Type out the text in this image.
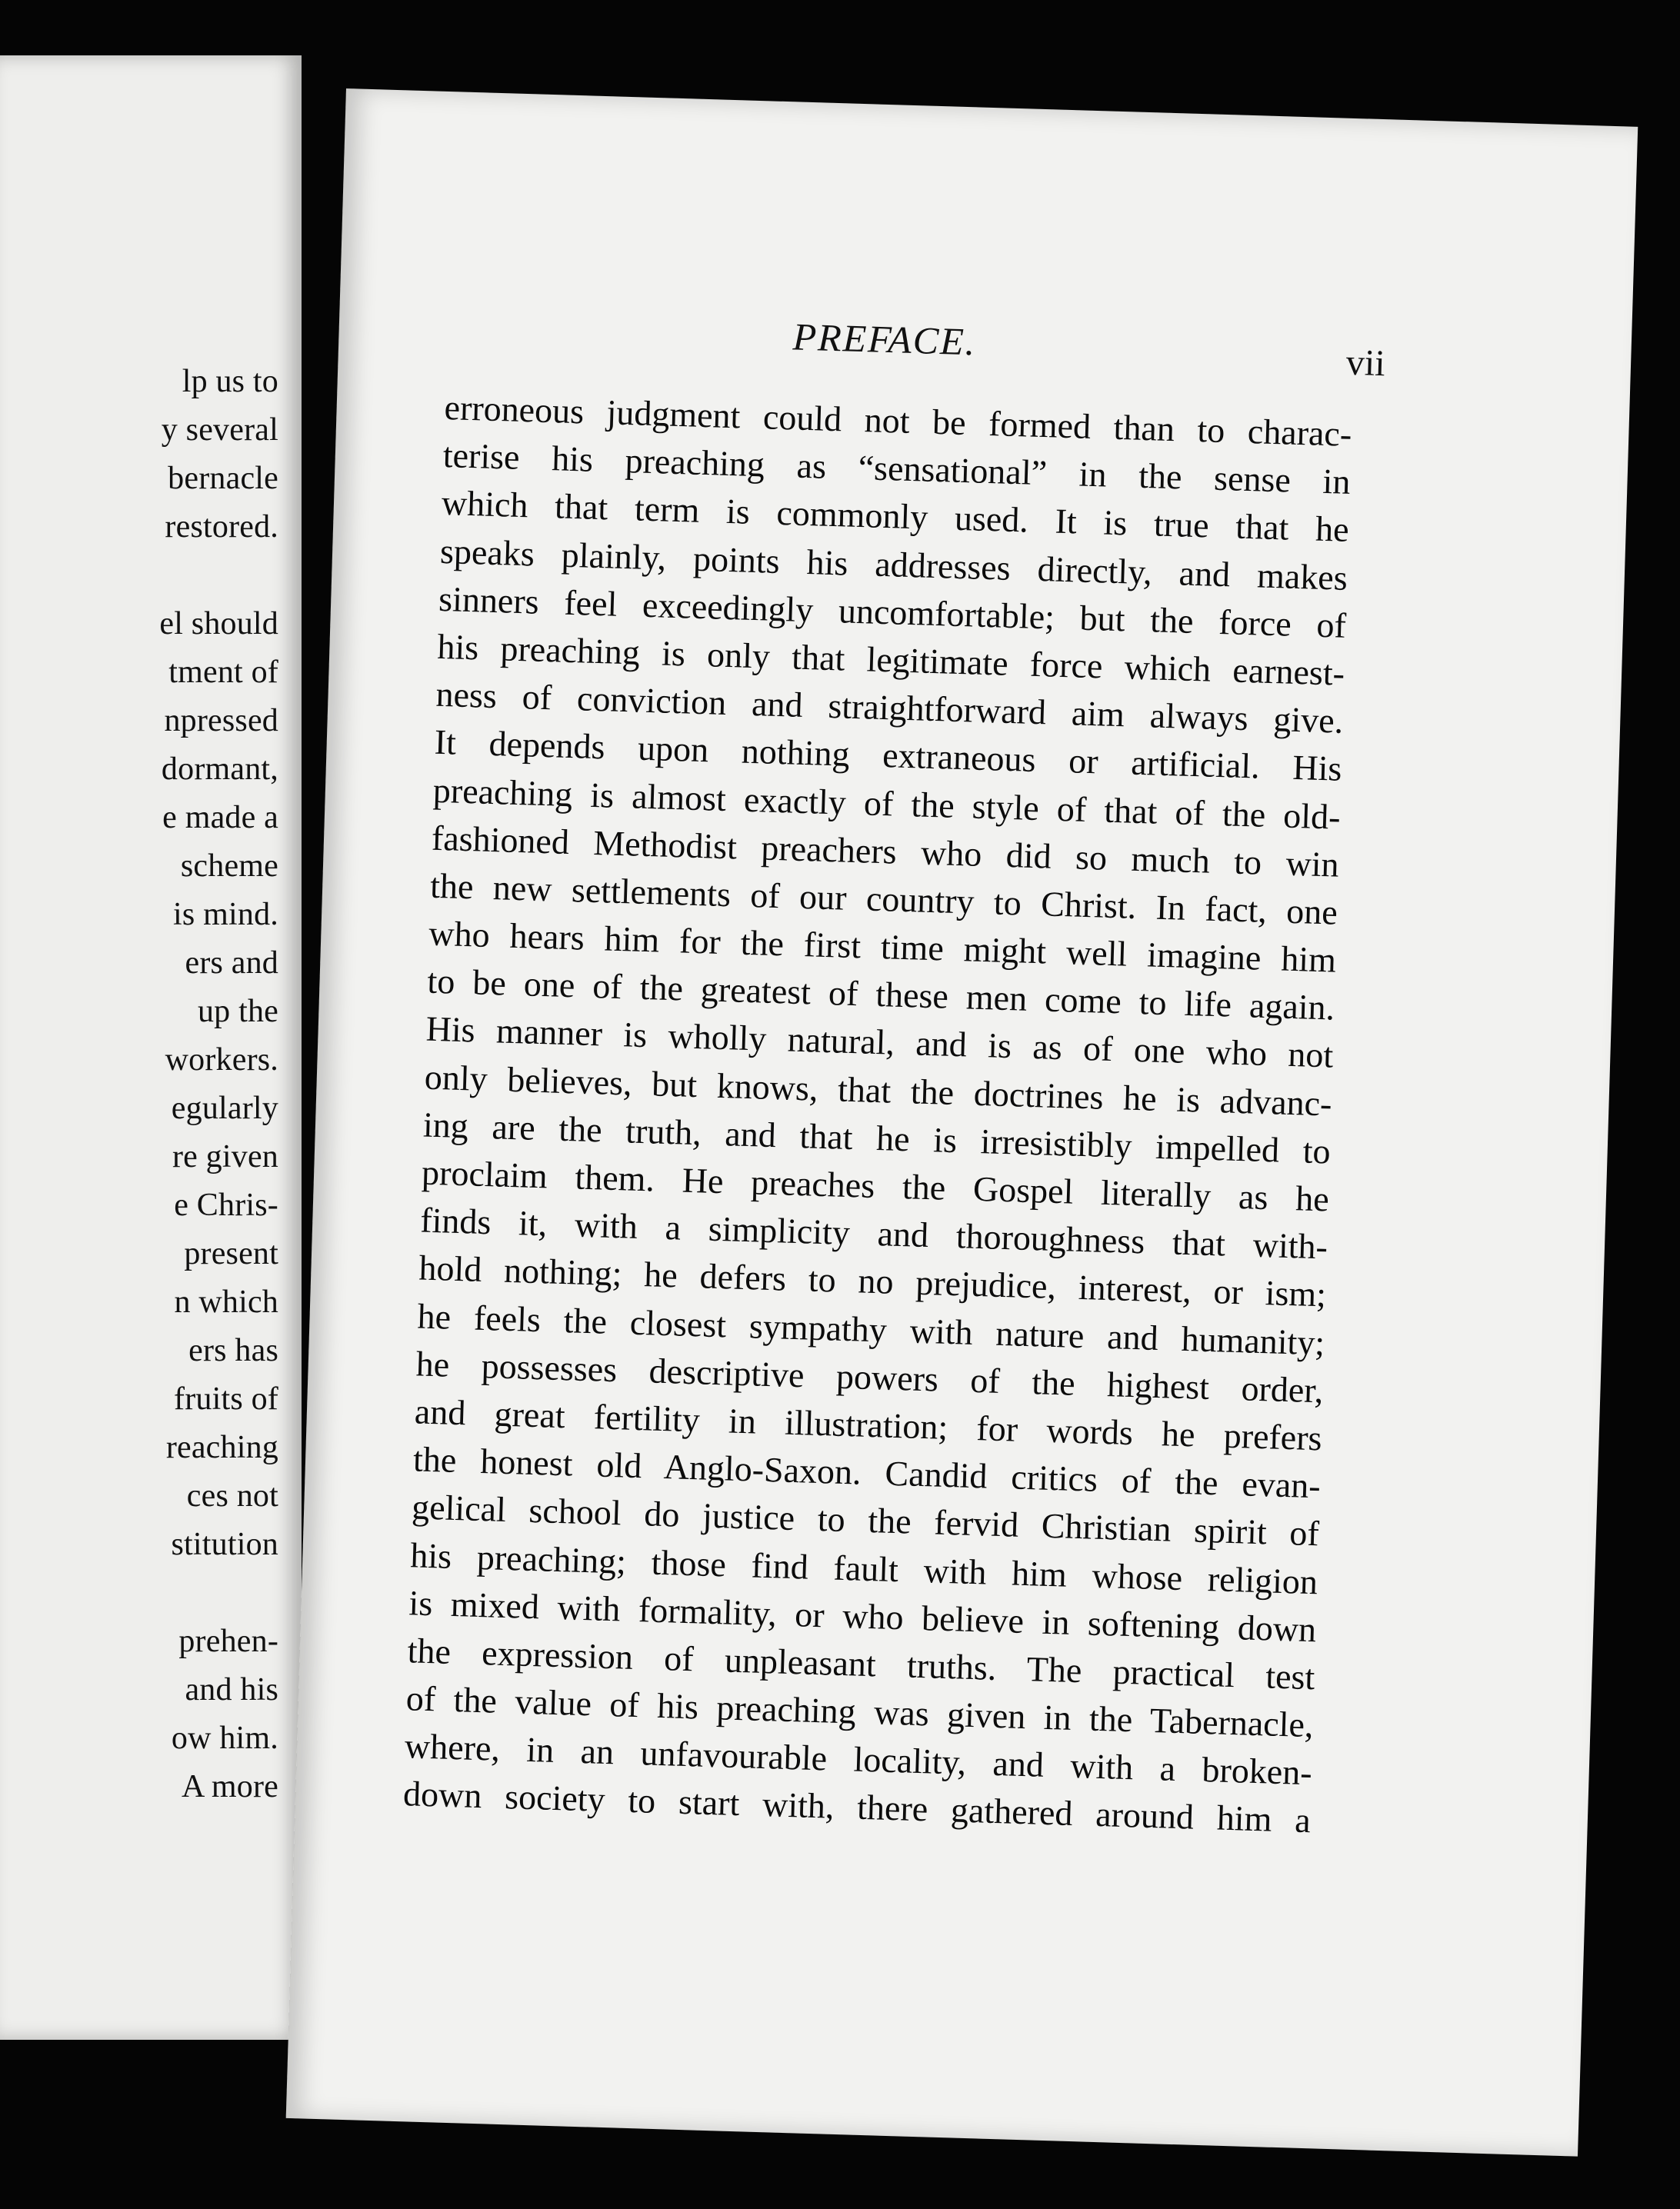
lp us to
y several
bernacle
restored.
el should
tment of
npressed
dormant,
e made a
scheme
is mind.
ers and
up the
workers.
egularly
re given
e Chris-
present
n which
ers has
fruits of
reaching
ces not
stitution
prehen-
and his
ow him.
A more
PREFACE.	vii
erroneous judgment could not be formed than to charac-
terise his preaching as “sensational” in the sense in
which that term is commonly used. It is true that he
speaks plainly, points his addresses directly, and makes
sinners feel exceedingly uncomfortable; but the force of
his preaching is only that legitimate force which earnest-
ness of conviction and straightforward aim always give.
It depends upon nothing extraneous or artificial. His
preaching is almost exactly of the style of that of the old-
fashioned Methodist preachers who did so much to win
the new settlements of our country to Christ. In fact, one
who hears him for the first time might well imagine him
to be one of the greatest of these men come to life again.
His manner is wholly natural, and is as of one who not
only believes, but knows, that the doctrines he is advanc-
ing are the truth, and that he is irresistibly impelled to
proclaim them. He preaches the Gospel literally as he
finds it, with a simplicity and thoroughness that with-
hold nothing; he defers to no prejudice, interest, or ism;
he feels the closest sympathy with nature and humanity;
he possesses descriptive powers of the highest order,
and great fertility in illustration; for words he prefers
the honest old Anglo-Saxon. Candid critics of the evan-
gelical school do justice to the fervid Christian spirit of
his preaching; those find fault with him whose religion
is mixed with formality, or who believe in softening down
the expression of unpleasant truths. The practical test
of the value of his preaching was given in the Tabernacle,
where, in an unfavourable locality, and with a broken-
down society to start with, there gathered around him a
